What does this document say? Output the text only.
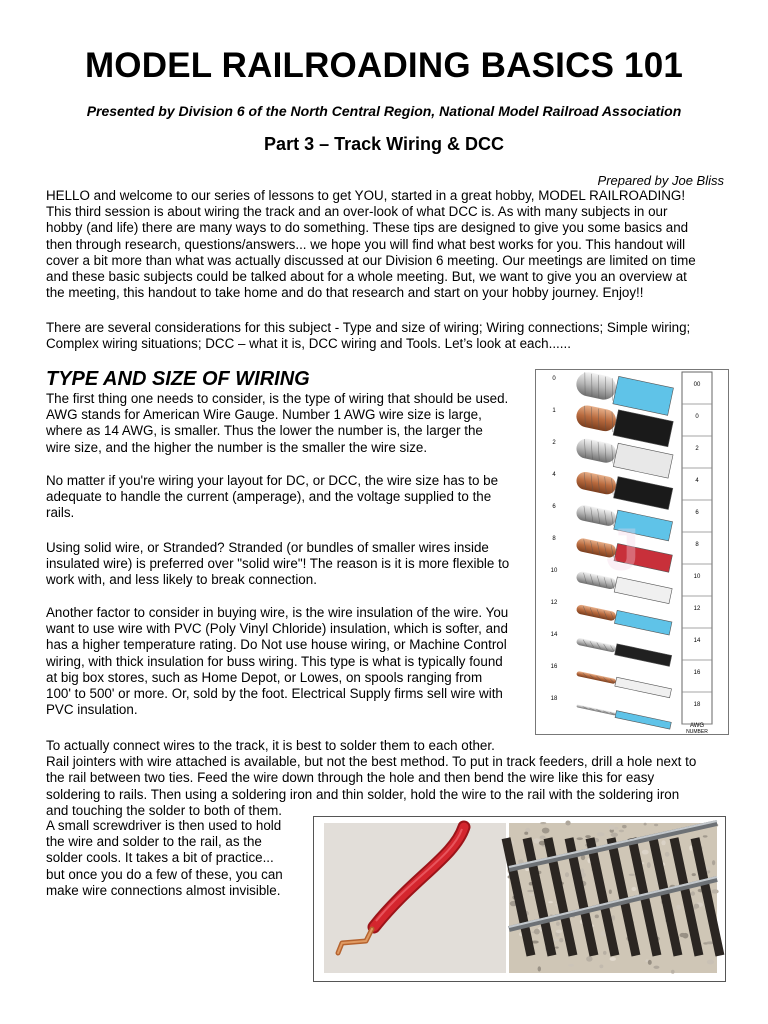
MODEL RAILROADING BASICS 101
Presented by Division 6 of the North Central Region, National Model Railroad Association
Part 3 – Track Wiring & DCC
Prepared by Joe Bliss
HELLO and welcome to our series of lessons to get YOU, started in a great hobby, MODEL RAILROADING!
This third session is about wiring the track and an over-look of what DCC is. As with many subjects in our
hobby (and life) there are many ways to do something. These tips are designed to give you some basics and
then through research, questions/answers... we hope you will find what best works for you. This handout will
cover a bit more than what was actually discussed at our Division 6 meeting. Our meetings are limited on time
and these basic subjects could be talked about for a whole meeting. But, we want to give you an overview at
the meeting, this handout to take home and do that research and start on your hobby journey. Enjoy!!
There are several considerations for this subject - Type and size of wiring; Wiring connections; Simple wiring;
Complex wiring situations; DCC – what it is, DCC wiring and Tools. Let’s look at each......
TYPE AND SIZE OF WIRING
The first thing one needs to consider, is the type of wiring that should be used.
AWG stands for American Wire Gauge. Number 1 AWG wire size is large,
where as 14 AWG, is smaller. Thus the lower the number is, the larger the
wire size, and the higher the number is the smaller the wire size.
No matter if you're wiring your layout for DC, or DCC, the wire size has to be
adequate to handle the current (amperage), and the voltage supplied to the
rails.
Using solid wire, or Stranded? Stranded (or bundles of smaller wires inside
insulated wire) is preferred over "solid wire"! The reason is it is more flexible to
work with, and less likely to break connection.
Another factor to consider in buying wire, is the wire insulation of the wire. You
want to use wire with PVC (Poly Vinyl Chloride) insulation, which is softer, and
has a higher temperature rating. Do Not use house wiring, or Machine Control
wiring, with thick insulation for buss wiring. This type is what is typically found
at big box stores, such as Home Depot, or Lowes, on spools ranging from
100' to 500' or more. Or, sold by the foot. Electrical Supply firms sell wire with
PVC insulation.
To actually connect wires to the track, it is best to solder them to each other.
Rail jointers with wire attached is available, but not the best method. To put in track feeders, drill a hole next to
the rail between two ties. Feed the wire down through the hole and then bend the wire like this for easy
soldering to rails. Then using a soldering iron and thin solder, hold the wire to the rail with the soldering iron
and touching the solder to both of them.
A small screwdriver is then used to hold
the wire and solder to the rail, as the
solder cools. It takes a bit of practice...
but once you do a few of these, you can
make wire connections almost invisible.
00
0
2
4
6
8
10
12
14
16
18
0
1
2
4
6
8
10
12
14
16
18
AWG
NUMBER
J
